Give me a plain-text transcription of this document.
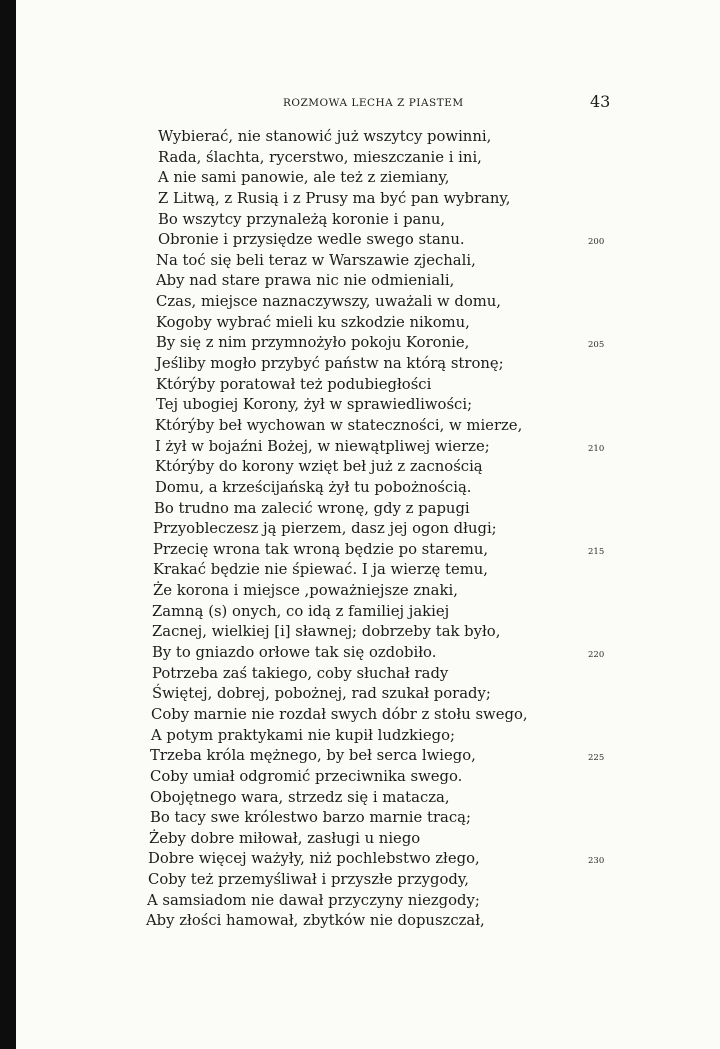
ROZMOWA LECHA Z PIASTEM	43
Wybierać, nie stanowić już wszytcy powinni,
Rada, ślachta, rycerstwo, mieszczanie i ini,
A nie sami panowie, ale też z ziemiany,
Z Litwą, z Rusią i z Prusy ma być pan wybrany,
Bo wszytcy przynależą koronie i panu,
Obronie i przysiędze wedle swego stanu.	200
Na toć się beli teraz w Warszawie zjechali,
Aby nad stare prawa nic nie odmieniali,
Czas, miejsce naznaczywszy, uważali w domu,
Kogoby wybrać mieli ku szkodzie nikomu,
By się z nim przymnożyło pokoju Koronie,	205
Jeśliby mogło przybyć państw na którą stronę;
Którýby poratował też podubiegłości
Tej ubogiej Korony, żył w sprawiedliwości;
Którýby beł wychowan w stateczności, w mierze,
I żył w bojaźni Bożej, w niewątpliwej wierze;	210
Którýby do korony wzięt beł już z zacnością
Domu, a krześcijańską żył tu pobożnością.
Bo trudno ma zalecić wronę, gdy z papugi
Przyobleczesz ją pierzem, dasz jej ogon długi;
Przecię wrona tak wroną będzie po staremu,	215
Krakać będzie nie śpiewać. I ja wierzę temu,
Że korona i miejsce ,poważniejsze znaki,
Zamną (s) onych, co idą z familiej jakiej
Zacnej, wielkiej [i] sławnej; dobrzeby tak było,
By to gniazdo orłowe tak się ozdobiło.	220
Potrzeba zaś takiego, coby słuchał rady
Świętej, dobrej, pobożnej, rad szukał porady;
Coby marnie nie rozdał swych dóbr z stołu swego,
A potym praktykami nie kupił ludzkiego;
Trzeba króla mężnego, by beł serca lwiego,	225
Coby umiał odgromić przeciwnika swego.
Obojętnego wara, strzedz się i matacza,
Bo tacy swe królestwo barzo marnie tracą;
Żeby dobre miłował, zasługi u niego
Dobre więcej ważyły, niż pochlebstwo złego,	230
Coby też przemyśliwał i przyszłe przygody,
A samsiadom nie dawał przyczyny niezgody;
Aby złości hamował, zbytków nie dopuszczał,
